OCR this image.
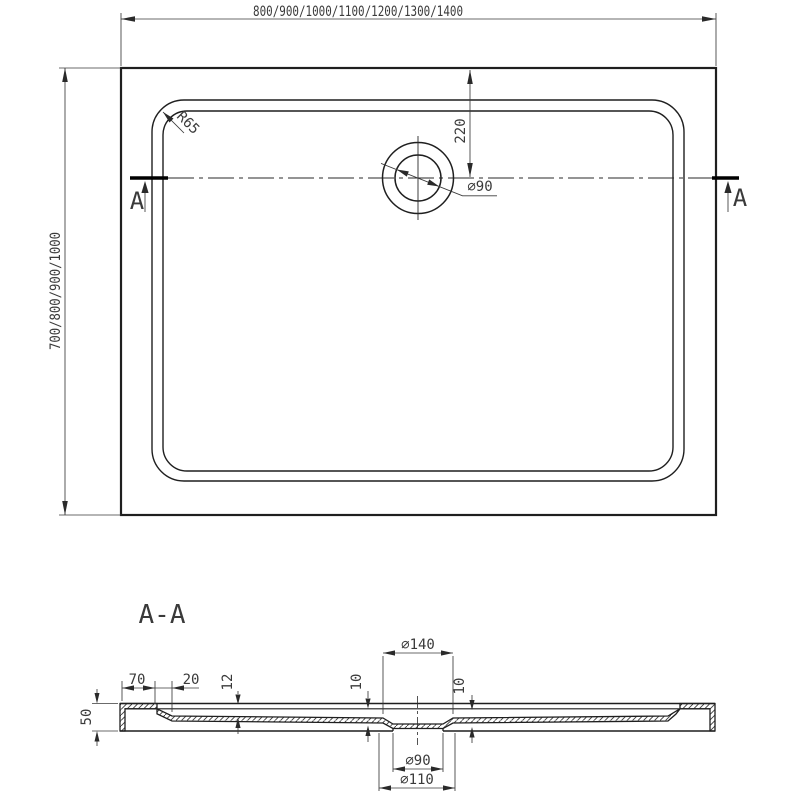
A	A
⌀90
R65
800/900/1000/1100/1200/1300/1400
700/800/900/1000
220
A-A
50
70	20 12
⌀140
10	10
⌀90
⌀110
